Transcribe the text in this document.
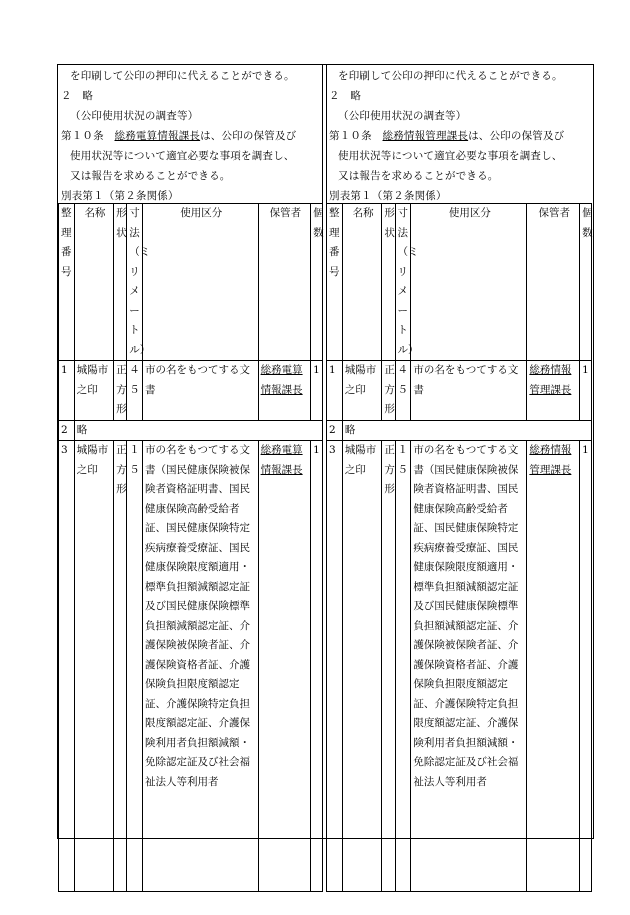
を印刷して公印の押印に代えることができる。
２　略
（公印使用状況の調査等）
第１０条　総務電算情報課長は、公印の保管及び
使用状況等について適宜必要な事項を調査し、
又は報告を求めることができる。
別表第１（第２条関係）
整理番号	名称	形状	寸法（ミリメートル）	使用区分	保管者	個数
1	城陽市之印	正方形	４５	市の名をもつてする文書	総務電算情報課長	1
2	略					
3	城陽市之印	正方形	１５	市の名をもつてする文書（国民健康保険被保険者資格証明書、国民健康保険高齢受給者証、国民健康保険特定疾病療養受療証、国民健康保険限度額適用・標準負担額減額認定証及び国民健康保険標準負担額減額認定証、介護保険被保険者証、介護保険資格者証、介護保険負担限度額認定証、介護保険特定負担限度額認定証、介護保険利用者負担額減額・免除認定証及び社会福祉法人等利用者	総務電算情報課長	1
を印刷して公印の押印に代えることができる。
２　略
（公印使用状況の調査等）
第１０条　総務情報管理課長は、公印の保管及び
使用状況等について適宜必要な事項を調査し、
又は報告を求めることができる。
別表第１（第２条関係）
整理番号	名称	形状	寸法（ミリメートル）	使用区分	保管者	個数
1	城陽市之印	正方形	４５	市の名をもつてする文書	総務情報管理課長	1
2	略					
3	城陽市之印	正方形	１５	市の名をもつてする文書（国民健康保険被保険者資格証明書、国民健康保険高齢受給者証、国民健康保険特定疾病療養受療証、国民健康保険限度額適用・標準負担額減額認定証及び国民健康保険標準負担額減額認定証、介護保険被保険者証、介護保険資格者証、介護保険負担限度額認定証、介護保険特定負担限度額認定証、介護保険利用者負担額減額・免除認定証及び社会福祉法人等利用者	総務情報管理課長	1
